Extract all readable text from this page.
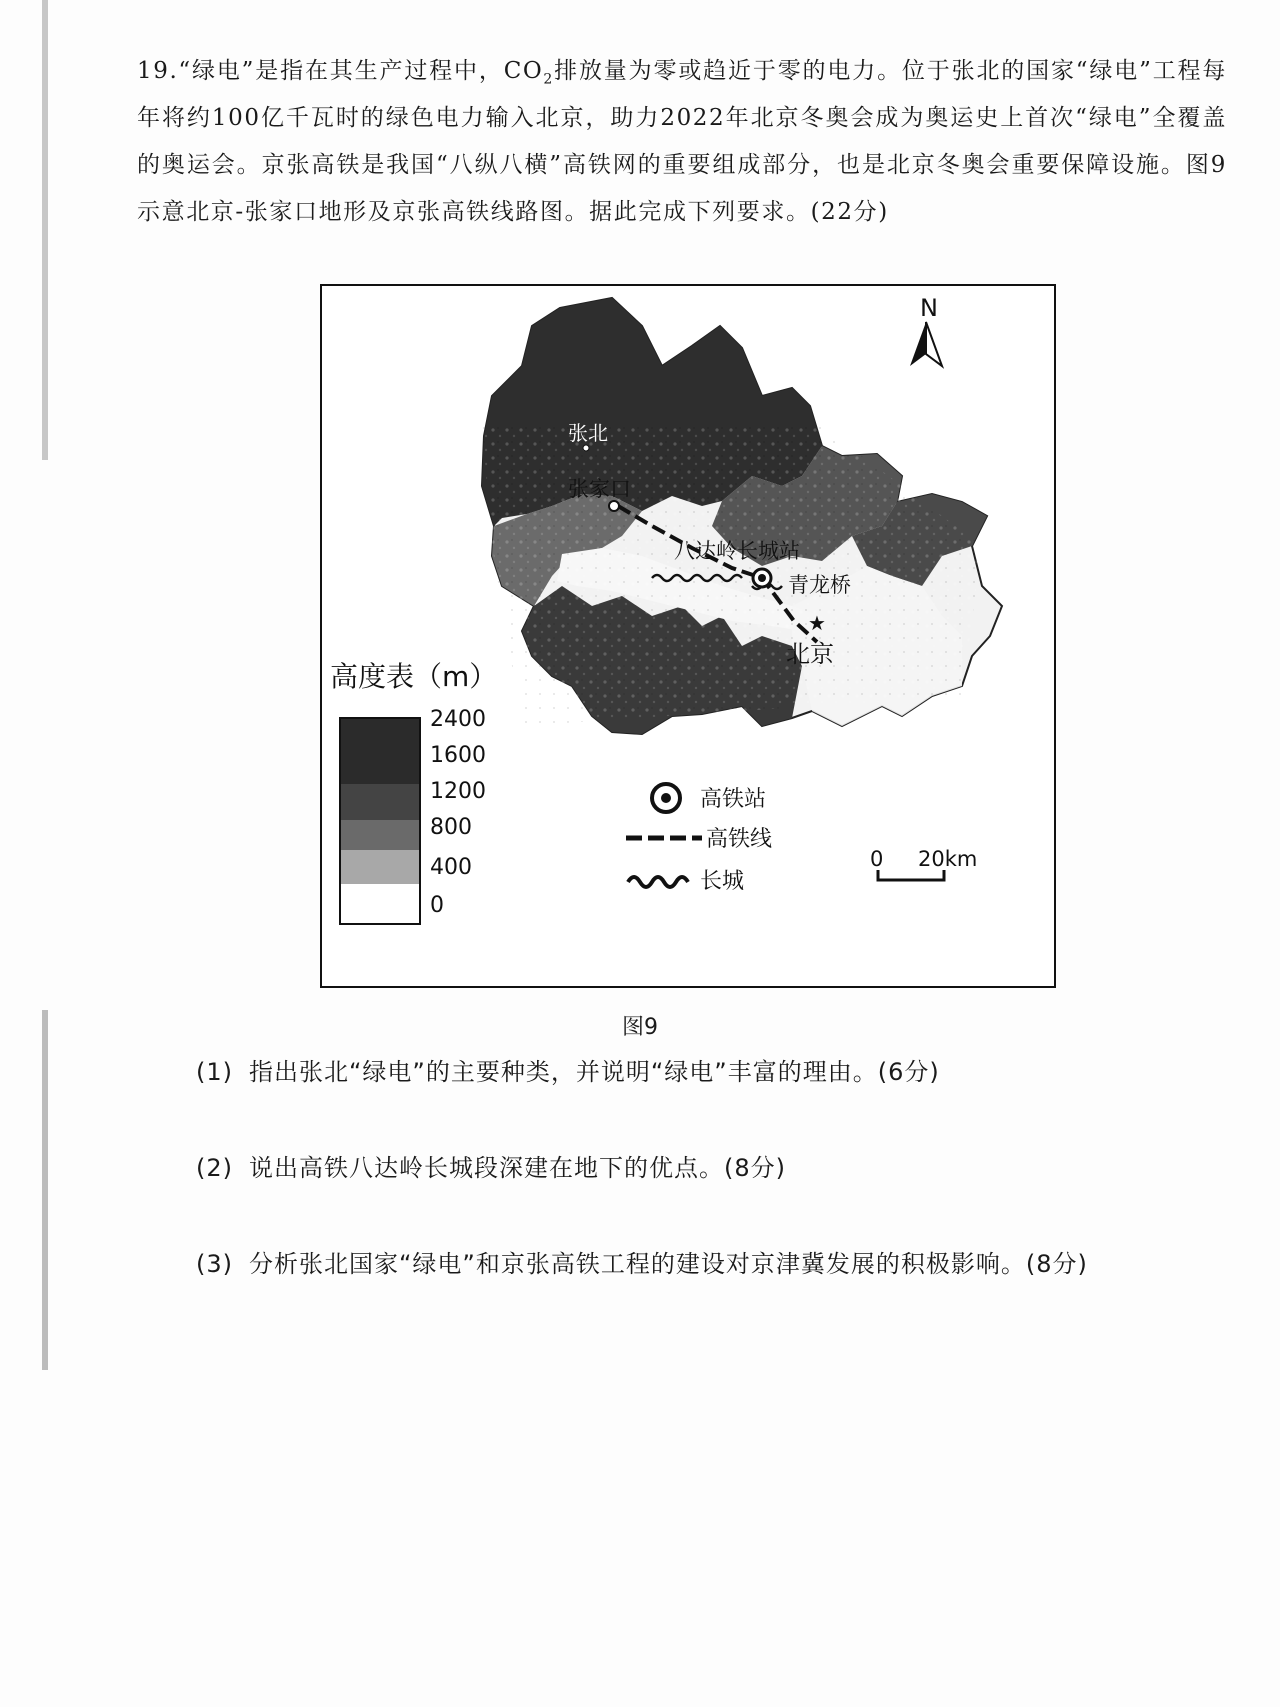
19.“绿电”是指在其生产过程中，$CO_2$排放量为零或趋近于零的电力。位于张北的国家“绿电”工程每年将约100亿千瓦时的绿色电力输入北京，助力2022年北京冬奥会成为奥运史上首次“绿电”全覆盖的奥运会。京张高铁是我国“八纵八横”高铁网的重要组成部分，也是北京冬奥会重要保障设施。图9示意北京-张家口地形及京张高铁线路图。据此完成下列要求。(22分)

张北
张家口
八达岭长城站
青龙桥
★
北京
N
高度表（m）
2400
1600
1200
800
400
0
高铁站
高铁线
长城
0 20km
图9
(1) 指出张北“绿电”的主要种类，并说明“绿电”丰富的理由。(6分)
(2) 说出高铁八达岭长城段深建在地下的优点。(8分)
(3) 分析张北国家“绿电”和京张高铁工程的建设对京津冀发展的积极影响。(8分)
